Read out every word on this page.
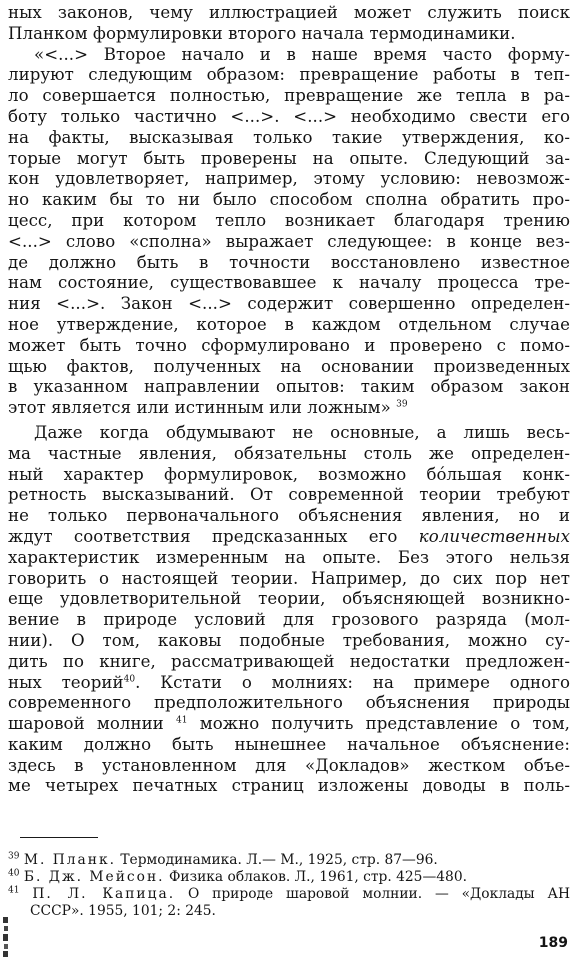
ных законов, чему иллюстрацией может служить поиск
Планком формулировки второго начала термодинамики.
«<...> Второе начало и в наше время часто форму-
лируют следующим образом: превращение работы в теп-
ло совершается полностью, превращение же тепла в ра-
боту только частично <...>. <...> необходимо свести его
на факты, высказывая только такие утверждения, ко-
торые могут быть проверены на опыте. Следующий за-
кон удовлетворяет, например, этому условию: невозмож-
но каким бы то ни было способом сполна обратить про-
цесс, при котором тепло возникает благодаря трению
<...> слово «сполна» выражает следующее: в конце вез-
де должно быть в точности восстановлено известное
нам состояние, существовавшее к началу процесса тре-
ния <...>. Закон <...> содержит совершенно определен-
ное утверждение, которое в каждом отдельном случае
может быть точно сформулировано и проверено с помо-
щью фактов, полученных на основании произведенных
в указанном направлении опытов: таким образом закон
этот является или истинным или ложным» $^{39}$
Даже когда обдумывают не основные, а лишь весь-
ма частные явления, обязательны столь же определен-
ный характер формулировок, возможно бóльшая конк-
ретность высказываний. От современной теории требуют
не только первоначального объяснения явления, но и
ждут соответствия предсказанных его количественных
характеристик измеренным на опыте. Без этого нельзя
говорить о настоящей теории. Например, до сих пор нет
еще удовлетворительной теории, объясняющей возникно-
вение в природе условий для грозового разряда (мол-
нии). О том, каковы подобные требования, можно су-
дить по книге, рассматривающей недостатки предложен-
ных теорий$^{40}$. Кстати о молниях: на примере одного
современного предположительного объяснения природы
шаровой молнии $^{41}$ можно получить представление о том,
каким должно быть нынешнее начальное объяснение:
здесь в установленном для «Докладов» жестком объе-
ме четырех печатных страниц изложены доводы в поль-
$^{39}$ М. Планк. Термодинамика. Л.— М., 1925, стр. 87—96.
$^{40}$ Б. Дж. Мейсон. Физика облаков. Л., 1961, стр. 425—480.
$^{41}$ П. Л. Капица. О природе шаровой молнии. — «Доклады АН
СССР». 1955, 101; 2: 245.
189
